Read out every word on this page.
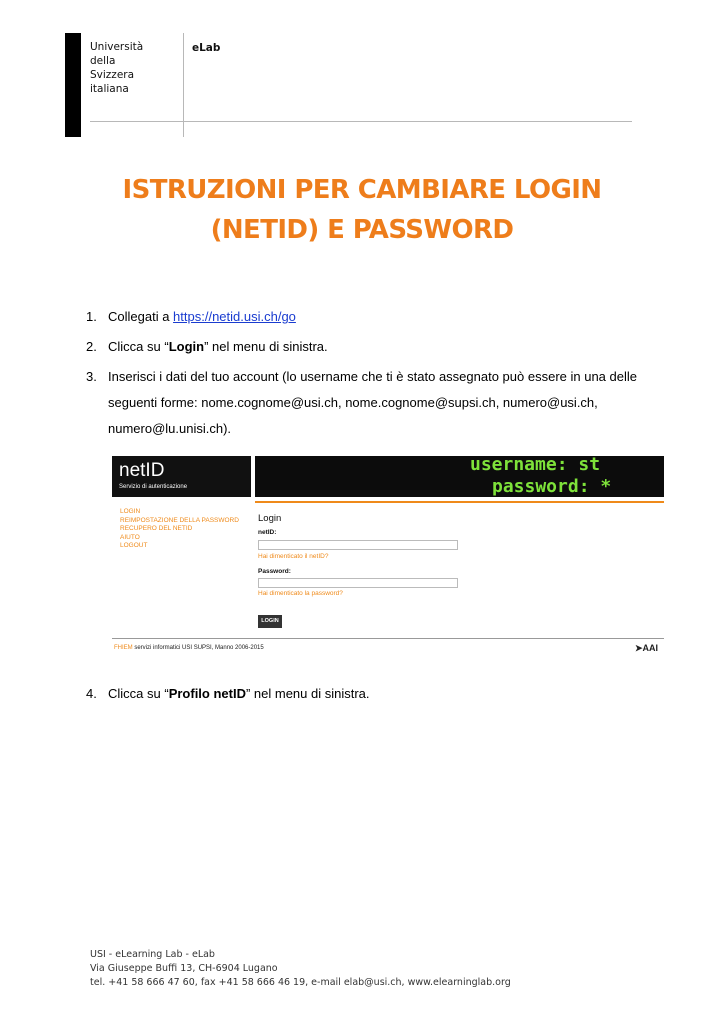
Università
della
Svizzera
italiana
eLab
ISTRUZIONI PER CAMBIARE LOGIN
(NETID) E PASSWORD
1. Collegati a https://netid.usi.ch/go
2. Clicca su “Login” nel menu di sinistra.
3. Inserisci i dati del tuo account (lo username che ti è stato assegnato può essere in una delle seguenti forme: nome.cognome@usi.ch, nome.cognome@supsi.ch, numero@usi.ch, numero@lu.unisi.ch).
netID
Servizio di autenticazione
username: st
password: *
LOGIN
REIMPOSTAZIONE DELLA PASSWORD
RECUPERO DEL NETID
AIUTO
LOGOUT
Login
netID:
Hai dimenticato il netID?
Password:
Hai dimenticato la password?
LOGIN
FHIEM servizi informatici USI SUPSI, Manno 2006-2015	➤AAI
4. Clicca su “Profilo netID” nel menu di sinistra.
USI - eLearning Lab - eLab
Via Giuseppe Buffi 13, CH-6904 Lugano
tel. +41 58 666 47 60, fax +41 58 666 46 19, e-mail elab@usi.ch, www.elearninglab.org
